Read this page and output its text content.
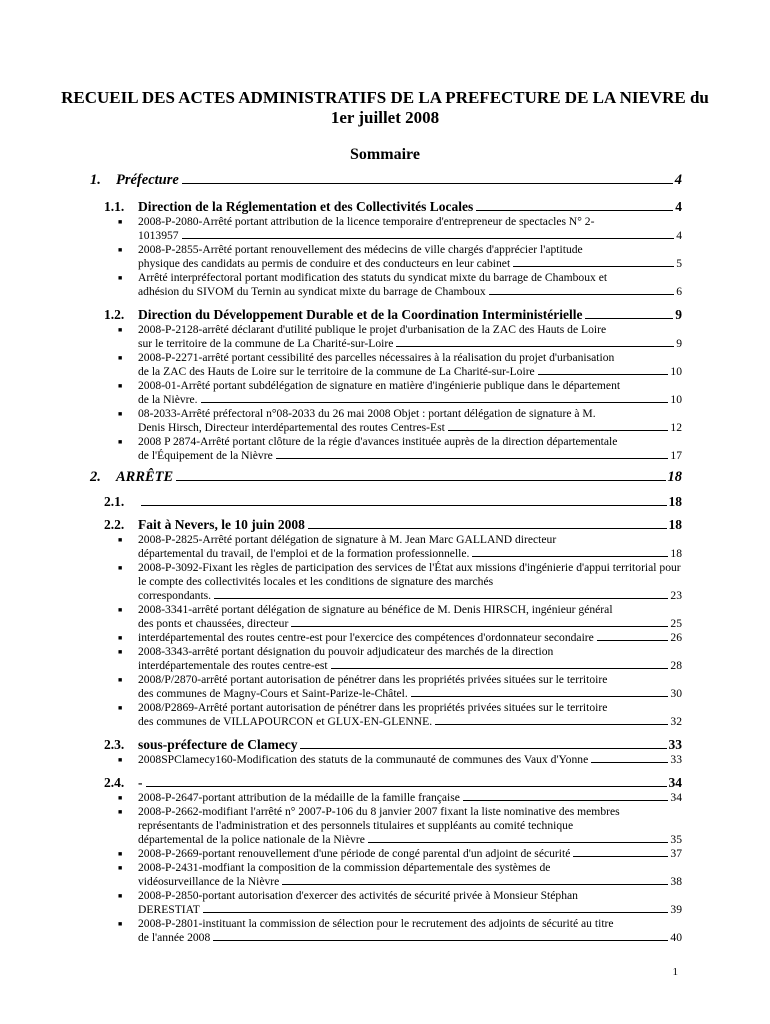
RECUEIL DES ACTES ADMINISTRATIFS DE LA PREFECTURE DE LA NIEVRE du 1er juillet 2008
Sommaire
1.	Préfecture	4
1.1.	Direction de la Réglementation et des Collectivités Locales	4
■ 2008-P-2080-Arrêté portant attribution de la licence temporaire d'entrepreneur de spectacles N° 2-
1013957	4
■ 2008-P-2855-Arrêté portant renouvellement des médecins de ville chargés d'apprécier l'aptitude
physique des candidats au permis de conduire et des conducteurs en leur cabinet	5
■ Arrêté interpréfectoral portant modification des statuts du syndicat mixte du barrage de Chamboux et
adhésion du SIVOM du Ternin au syndicat mixte du barrage de Chamboux	6
1.2.	Direction du Développement Durable et de la Coordination Interministérielle	9
■ 2008-P-2128-arrêté déclarant d'utilité publique le projet d'urbanisation de la ZAC des Hauts de Loire
sur le territoire de la commune de La Charité-sur-Loire	9
■ 2008-P-2271-arrêté portant cessibilité des parcelles nécessaires à la réalisation du projet d'urbanisation
de la ZAC des Hauts de Loire sur le territoire de la commune de La Charité-sur-Loire	10
■ 2008-01-Arrêté portant subdélégation de signature en matière d'ingénierie publique dans le département
de la Nièvre.	10
■ 08-2033-Arrêté préfectoral n°08-2033 du 26 mai 2008 Objet : portant délégation de signature à M.
Denis Hirsch, Directeur interdépartemental des routes Centres-Est	12
■ 2008 P 2874-Arrêté portant clôture de la régie d'avances instituée auprès de la direction départementale
de l'Équipement de la Nièvre	17
2.	ARRÊTE	18
2.1.	18
2.2.	Fait à Nevers, le 10 juin 2008	18
■ 2008-P-2825-Arrêté portant délégation de signature à M. Jean Marc GALLAND directeur
départemental du travail, de l'emploi et de la formation professionnelle.	18
■ 2008-P-3092-Fixant les règles de participation des services de l'État aux missions d'ingénierie d'appui territorial pour le compte des collectivités locales et les conditions de signature des marchés
correspondants.	23
■ 2008-3341-arrêté portant délégation de signature au bénéfice de M. Denis HIRSCH, ingénieur général
des ponts et chaussées, directeur	25
■ interdépartemental des routes centre-est pour l'exercice des compétences d'ordonnateur secondaire	26
■ 2008-3343-arrêté portant désignation du pouvoir adjudicateur des marchés de la direction
interdépartementale des routes centre-est	28
■ 2008/P/2870-arrêté portant autorisation de pénétrer dans les propriétés privées situées sur le territoire
des communes de Magny-Cours et Saint-Parize-le-Châtel.	30
■ 2008/P2869-Arrêté portant autorisation de pénétrer dans les propriétés privées situées sur le territoire
des communes de VILLAPOURCON et GLUX-EN-GLENNE.	32
2.3.	sous-préfecture de Clamecy	33
■ 2008SPClamecy160-Modification des statuts de la communauté de communes des Vaux d'Yonne	33
2.4.	-	34
■ 2008-P-2647-portant attribution de la médaille de la famille française	34
■ 2008-P-2662-modifiant l'arrêté n° 2007-P-106 du 8 janvier 2007 fixant la liste nominative des membres représentants de l'administration et des personnels titulaires et suppléants au comité technique
départemental de la police nationale de la Nièvre	35
■ 2008-P-2669-portant renouvellement d'une période de congé parental d'un adjoint de sécurité	37
■ 2008-P-2431-modfiant la composition de la commission départementale des systèmes de
vidéosurveillance de la Nièvre	38
■ 2008-P-2850-portant autorisation d'exercer des activités de sécurité privée à Monsieur Stéphan
DERESTIAT	39
■ 2008-P-2801-instituant la commission de sélection pour le recrutement des adjoints de sécurité au titre
de l'année 2008	40
1
